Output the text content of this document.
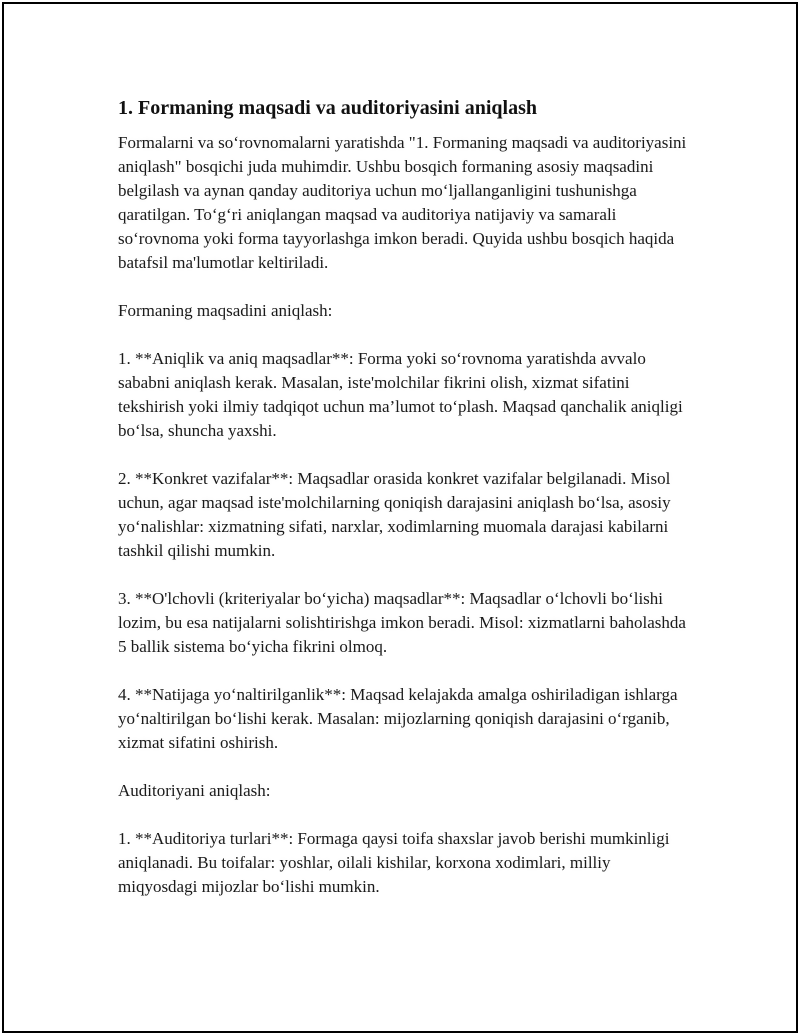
1. Formaning maqsadi va auditoriyasini aniqlash

Formalarni va so‘rovnomalarni yaratishda "1. Formaning maqsadi va auditoriyasini aniqlash" bosqichi juda muhimdir. Ushbu bosqich formaning asosiy maqsadini belgilash va aynan qanday auditoriya uchun mo‘ljallanganligini tushunishga qaratilgan. To‘g‘ri aniqlangan maqsad va auditoriya natijaviy va samarali so‘rovnoma yoki forma tayyorlashga imkon beradi. Quyida ushbu bosqich haqida batafsil ma'lumotlar keltiriladi.

Formaning maqsadini aniqlash:

1. **Aniqlik va aniq maqsadlar**: Forma yoki so‘rovnoma yaratishda avvalo sababni aniqlash kerak. Masalan, iste'molchilar fikrini olish, xizmat sifatini tekshirish yoki ilmiy tadqiqot uchun ma’lumot to‘plash. Maqsad qanchalik aniqligi bo‘lsa, shuncha yaxshi.

2. **Konkret vazifalar**: Maqsadlar orasida konkret vazifalar belgilanadi. Misol uchun, agar maqsad iste'molchilarning qoniqish darajasini aniqlash bo‘lsa, asosiy yo‘nalishlar: xizmatning sifati, narxlar, xodimlarning muomala darajasi kabilarni tashkil qilishi mumkin.

3. **O'lchovli (kriteriyalar bo‘yicha) maqsadlar**: Maqsadlar o‘lchovli bo‘lishi lozim, bu esa natijalarni solishtirishga imkon beradi. Misol: xizmatlarni baholashda 5 ballik sistema bo‘yicha fikrini olmoq.

4. **Natijaga yo‘naltirilganlik**: Maqsad kelajakda amalga oshiriladigan ishlarga yo‘naltirilgan bo‘lishi kerak. Masalan: mijozlarning qoniqish darajasini o‘rganib, xizmat sifatini oshirish.

Auditoriyani aniqlash:

1. **Auditoriya turlari**: Formaga qaysi toifa shaxslar javob berishi mumkinligi aniqlanadi. Bu toifalar: yoshlar, oilali kishilar, korxona xodimlari, milliy miqyosdagi mijozlar bo‘lishi mumkin.
